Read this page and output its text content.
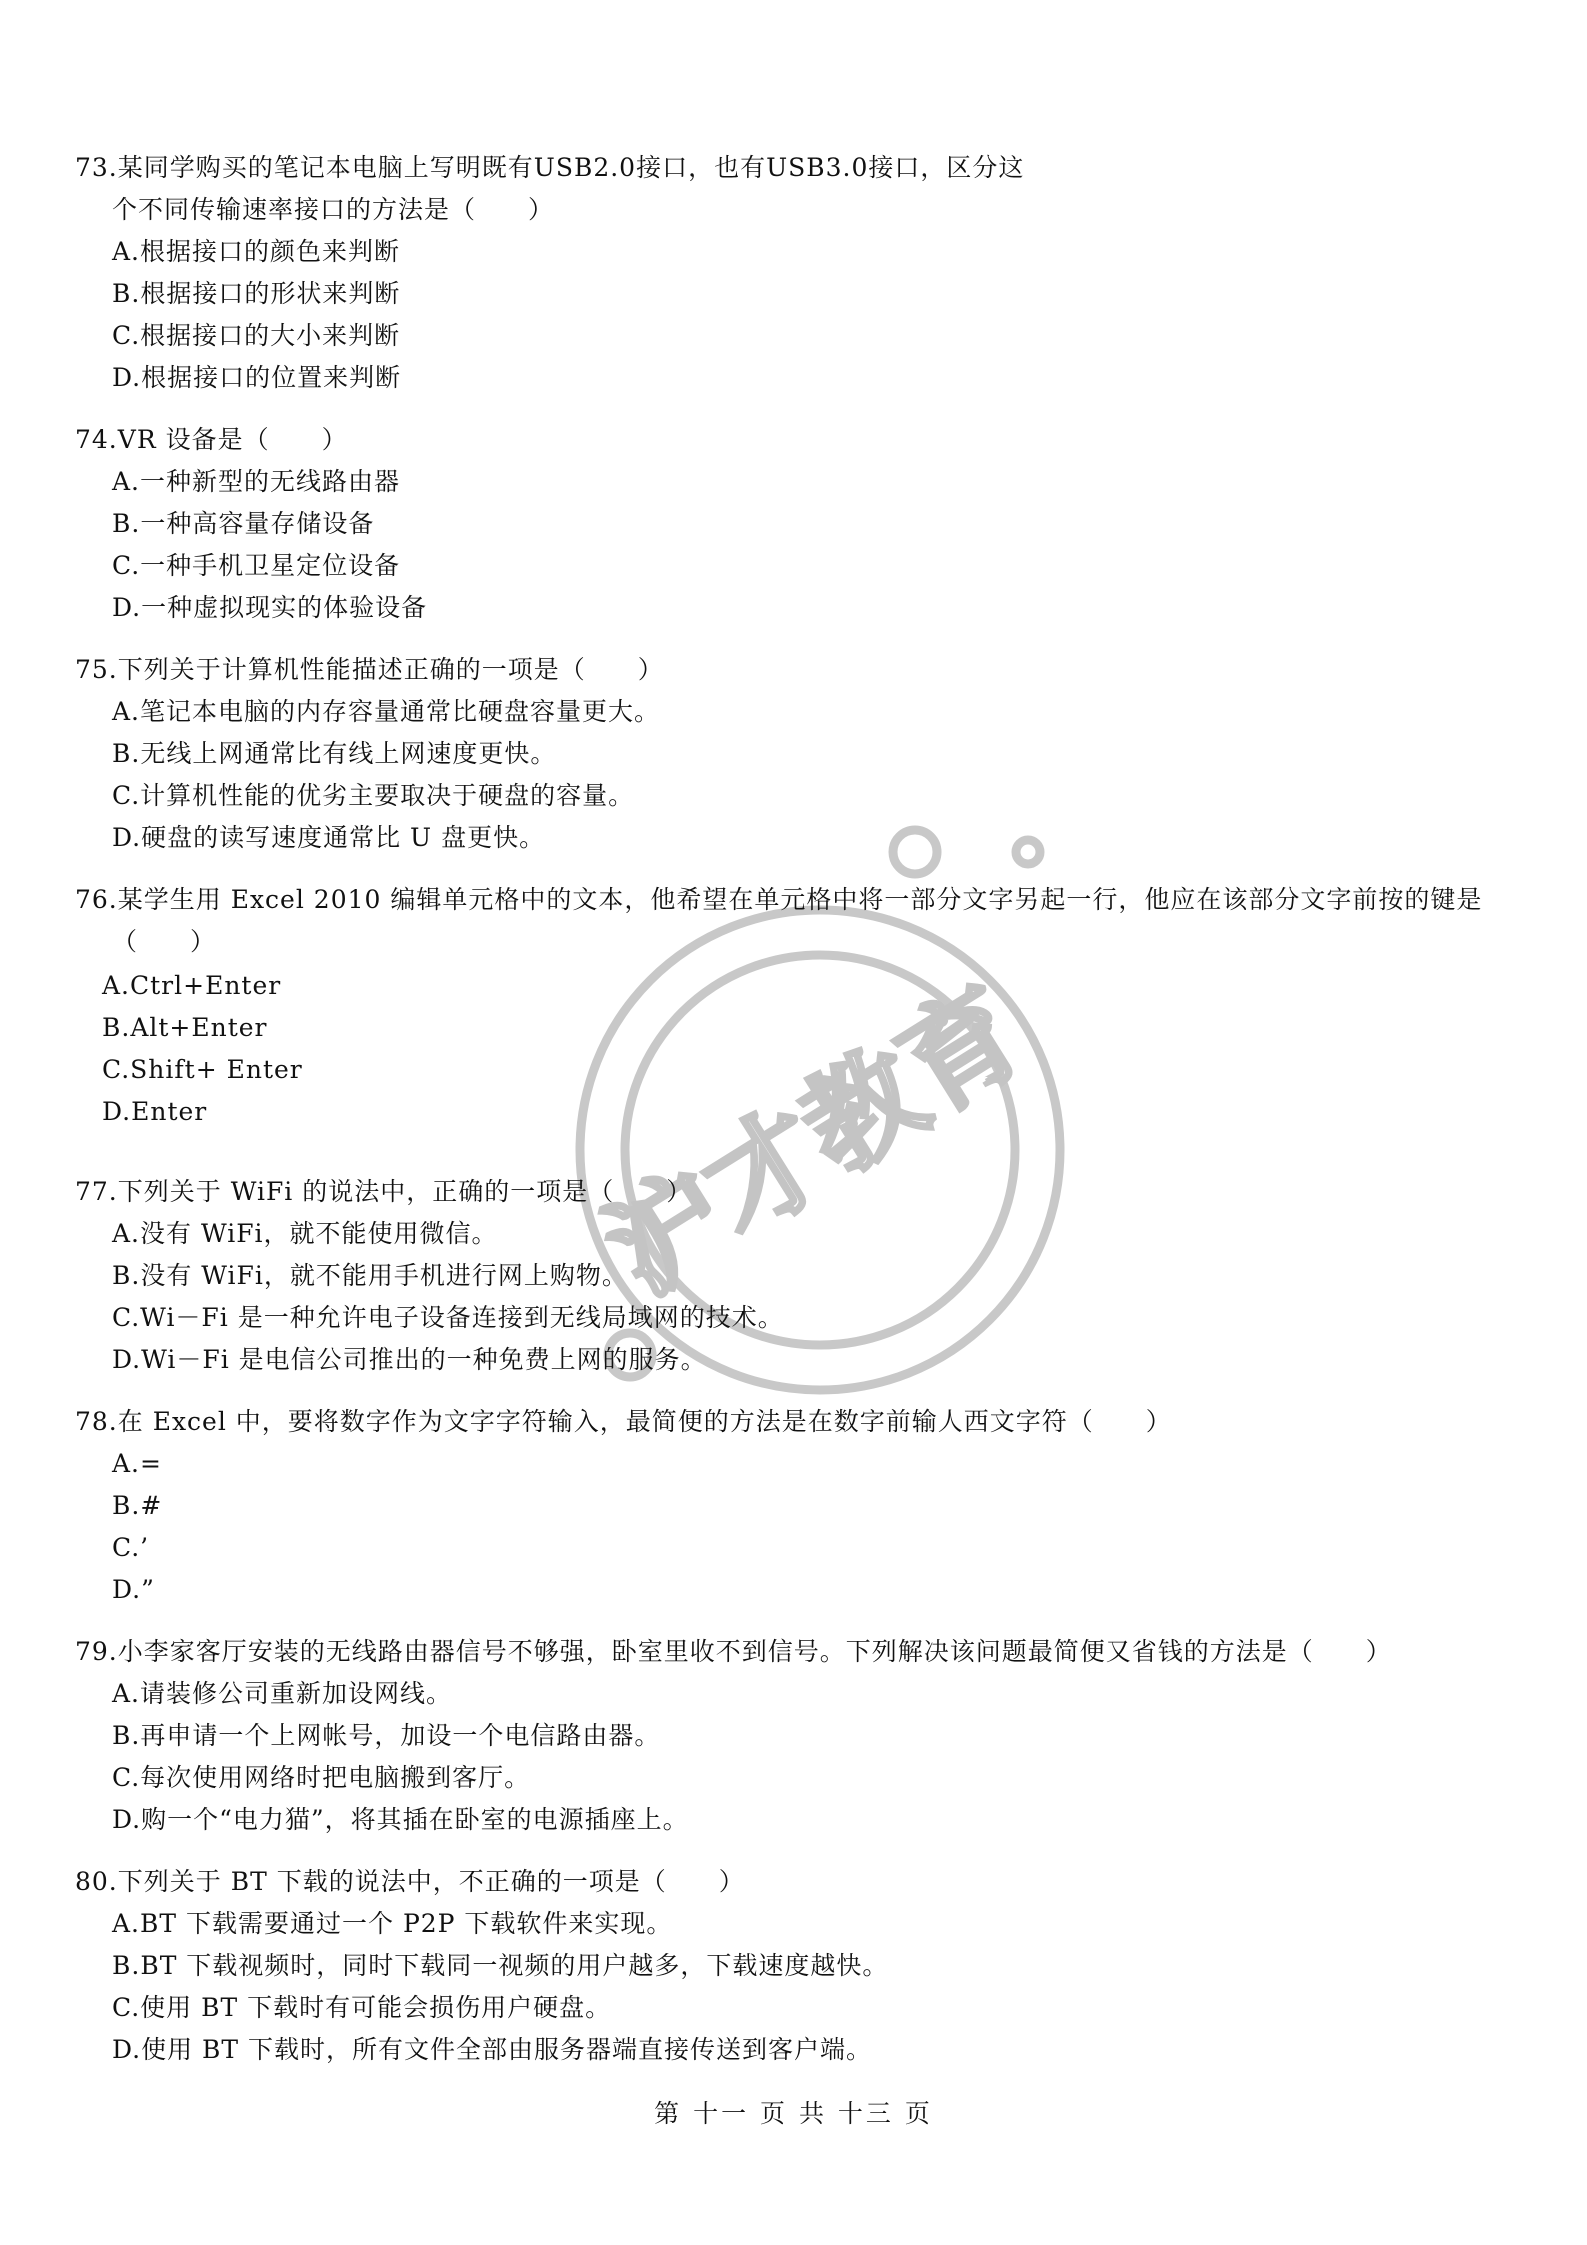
沪才教育
73.某同学购买的笔记本电脑上写明既有USB2.0接口，也有USB3.0接口，区分这
个不同传输速率接口的方法是（　　）
A.根据接口的颜色来判断
B.根据接口的形状来判断
C.根据接口的大小来判断
D.根据接口的位置来判断
74.VR 设备是（　　）
A.一种新型的无线路由器
B.一种高容量存储设备
C.一种手机卫星定位设备
D.一种虚拟现实的体验设备
75.下列关于计算机性能描述正确的一项是（　　）
A.笔记本电脑的内存容量通常比硬盘容量更大。
B.无线上网通常比有线上网速度更快。
C.计算机性能的优劣主要取决于硬盘的容量。
D.硬盘的读写速度通常比 U 盘更快。
76.某学生用 Excel 2010 编辑单元格中的文本，他希望在单元格中将一部分文字另起一行，他应在该部分文字前按的键是
（　　）
A.Ctrl+Enter
B.Alt+Enter
C.Shift+ Enter
D.Enter
77.下列关于 WiFi 的说法中，正确的一项是（　　）
A.没有 WiFi，就不能使用微信。
B.没有 WiFi，就不能用手机进行网上购物。
C.Wi－Fi 是一种允许电子设备连接到无线局域网的技术。
D.Wi－Fi 是电信公司推出的一种免费上网的服务。
78.在 Excel 中，要将数字作为文字字符输入，最简便的方法是在数字前输人西文字符（　　）
A.=
B.#
C.’
D.”
79.小李家客厅安装的无线路由器信号不够强，卧室里收不到信号。下列解决该问题最简便又省钱的方法是（　　）
A.请装修公司重新加设网线。
B.再申请一个上网帐号，加设一个电信路由器。
C.每次使用网络时把电脑搬到客厅。
D.购一个“电力猫”，将其插在卧室的电源插座上。
80.下列关于 BT 下载的说法中，不正确的一项是（　　）
A.BT 下载需要通过一个 P2P 下载软件来实现。
B.BT 下载视频时，同时下载同一视频的用户越多，下载速度越快。
C.使用 BT 下载时有可能会损伤用户硬盘。
D.使用 BT 下载时，所有文件全部由服务器端直接传送到客户端。
第 十一 页 共 十三 页
